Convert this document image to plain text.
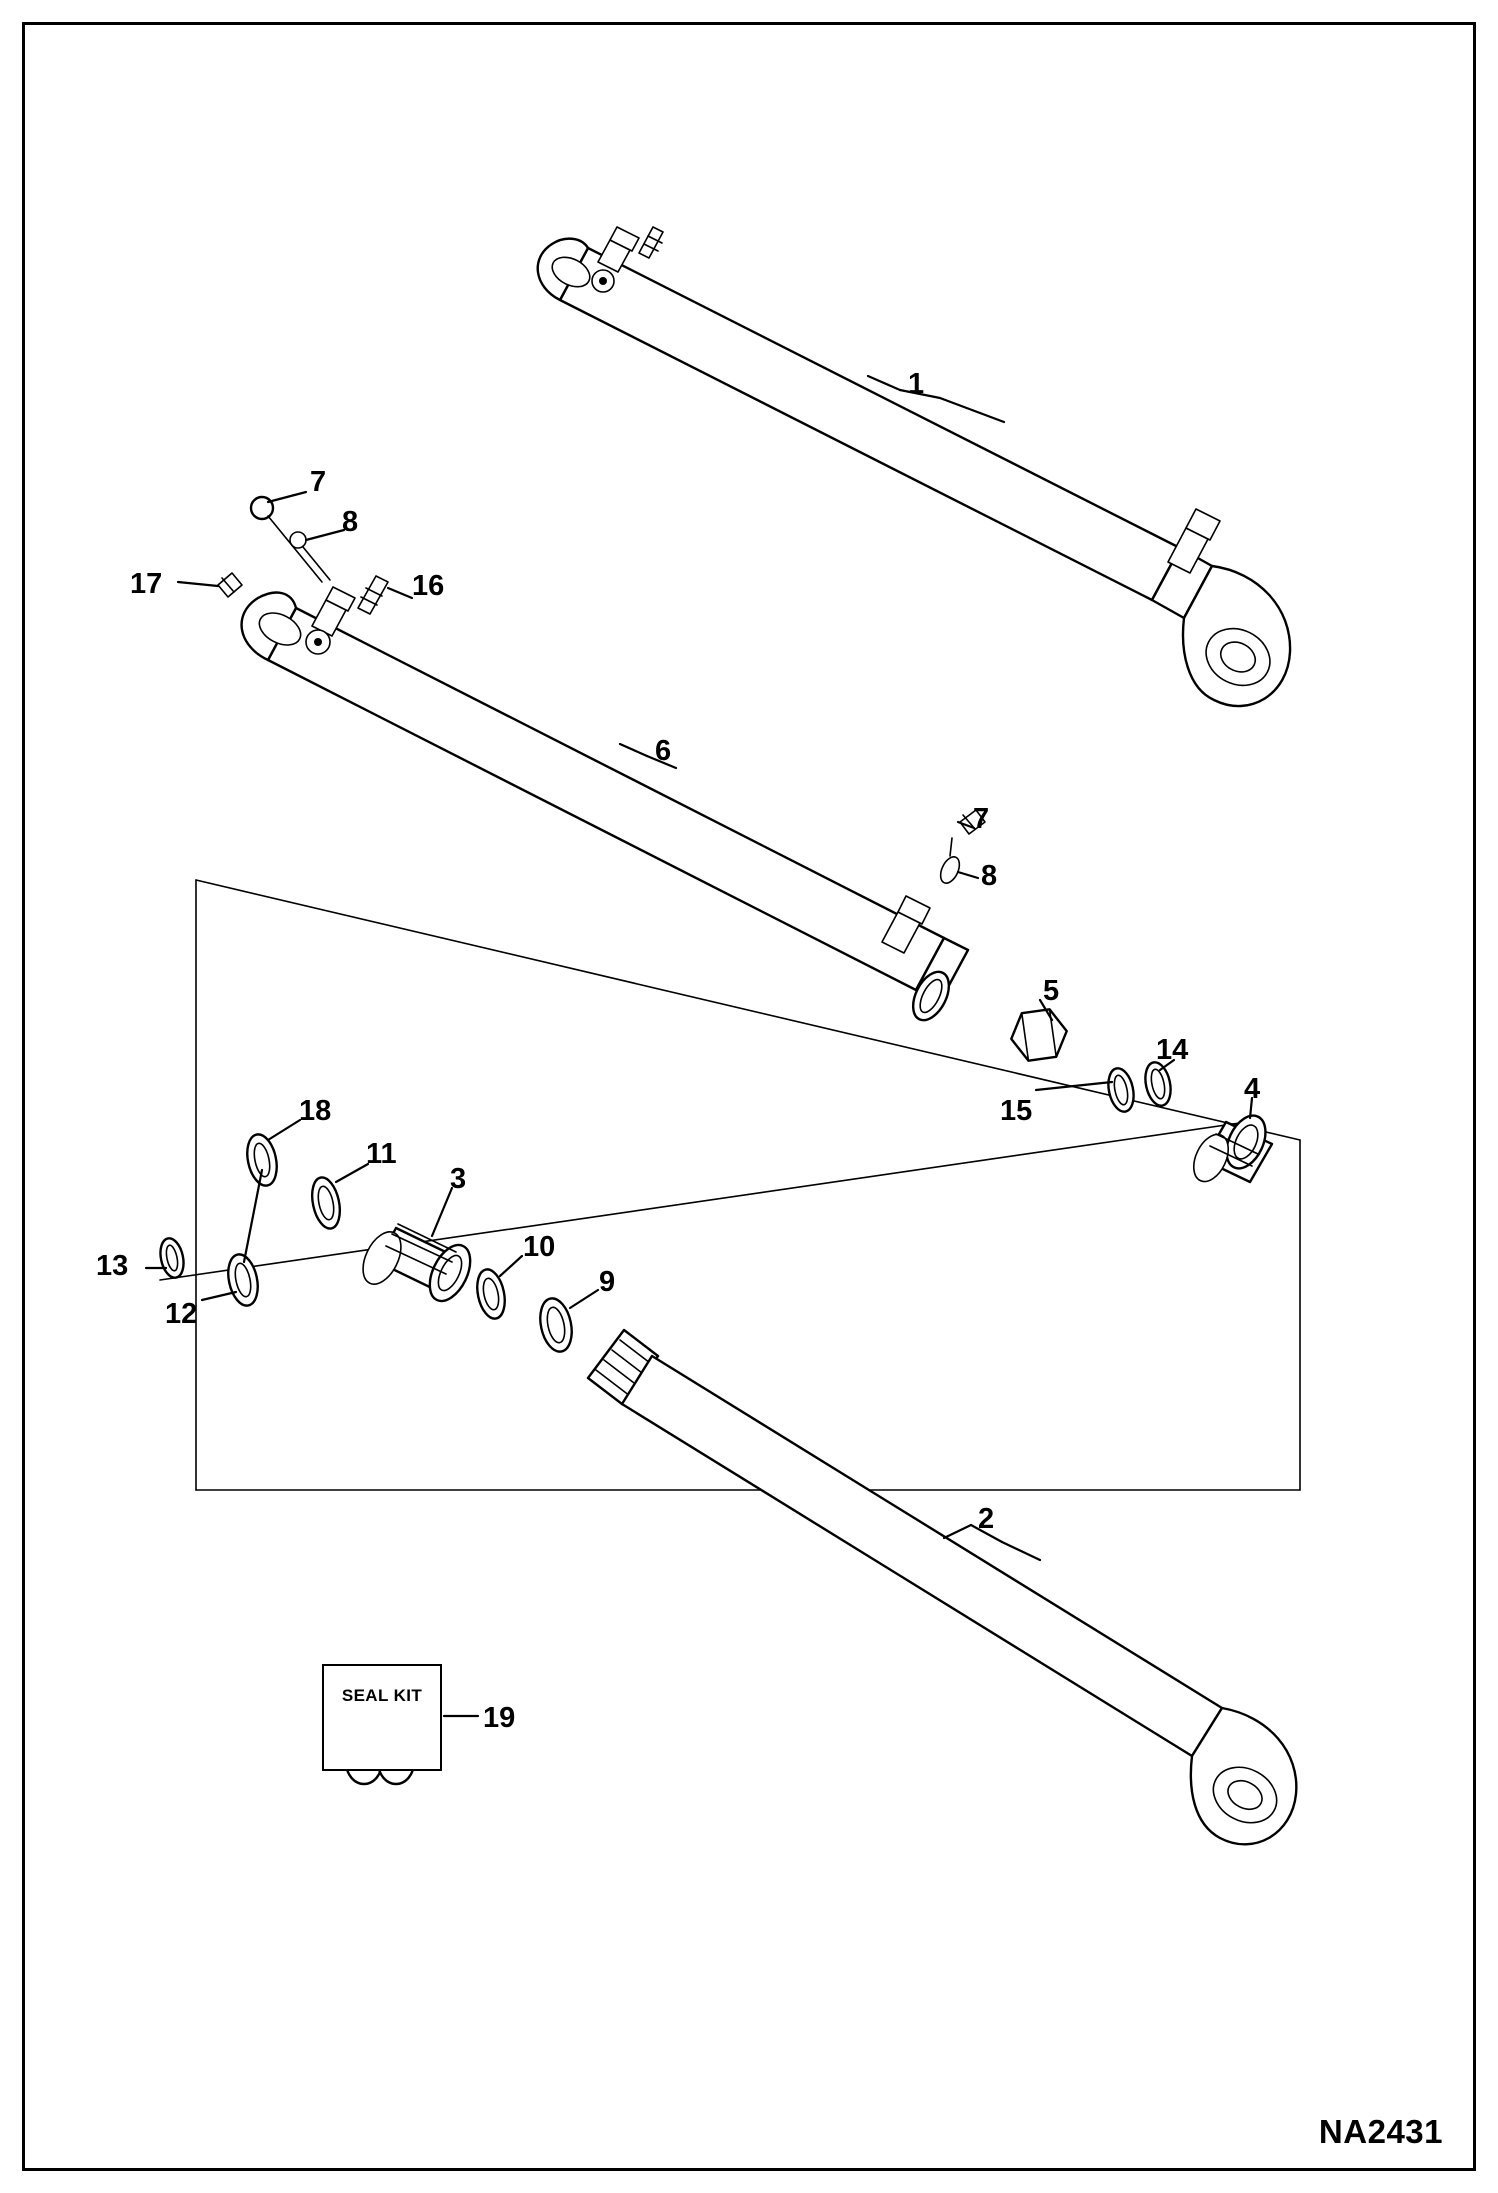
SEAL KIT
1
7
8
17	16
6
7
8
5
14
4
15
18
11
3
10
9
13
12
2
19
NA2431
